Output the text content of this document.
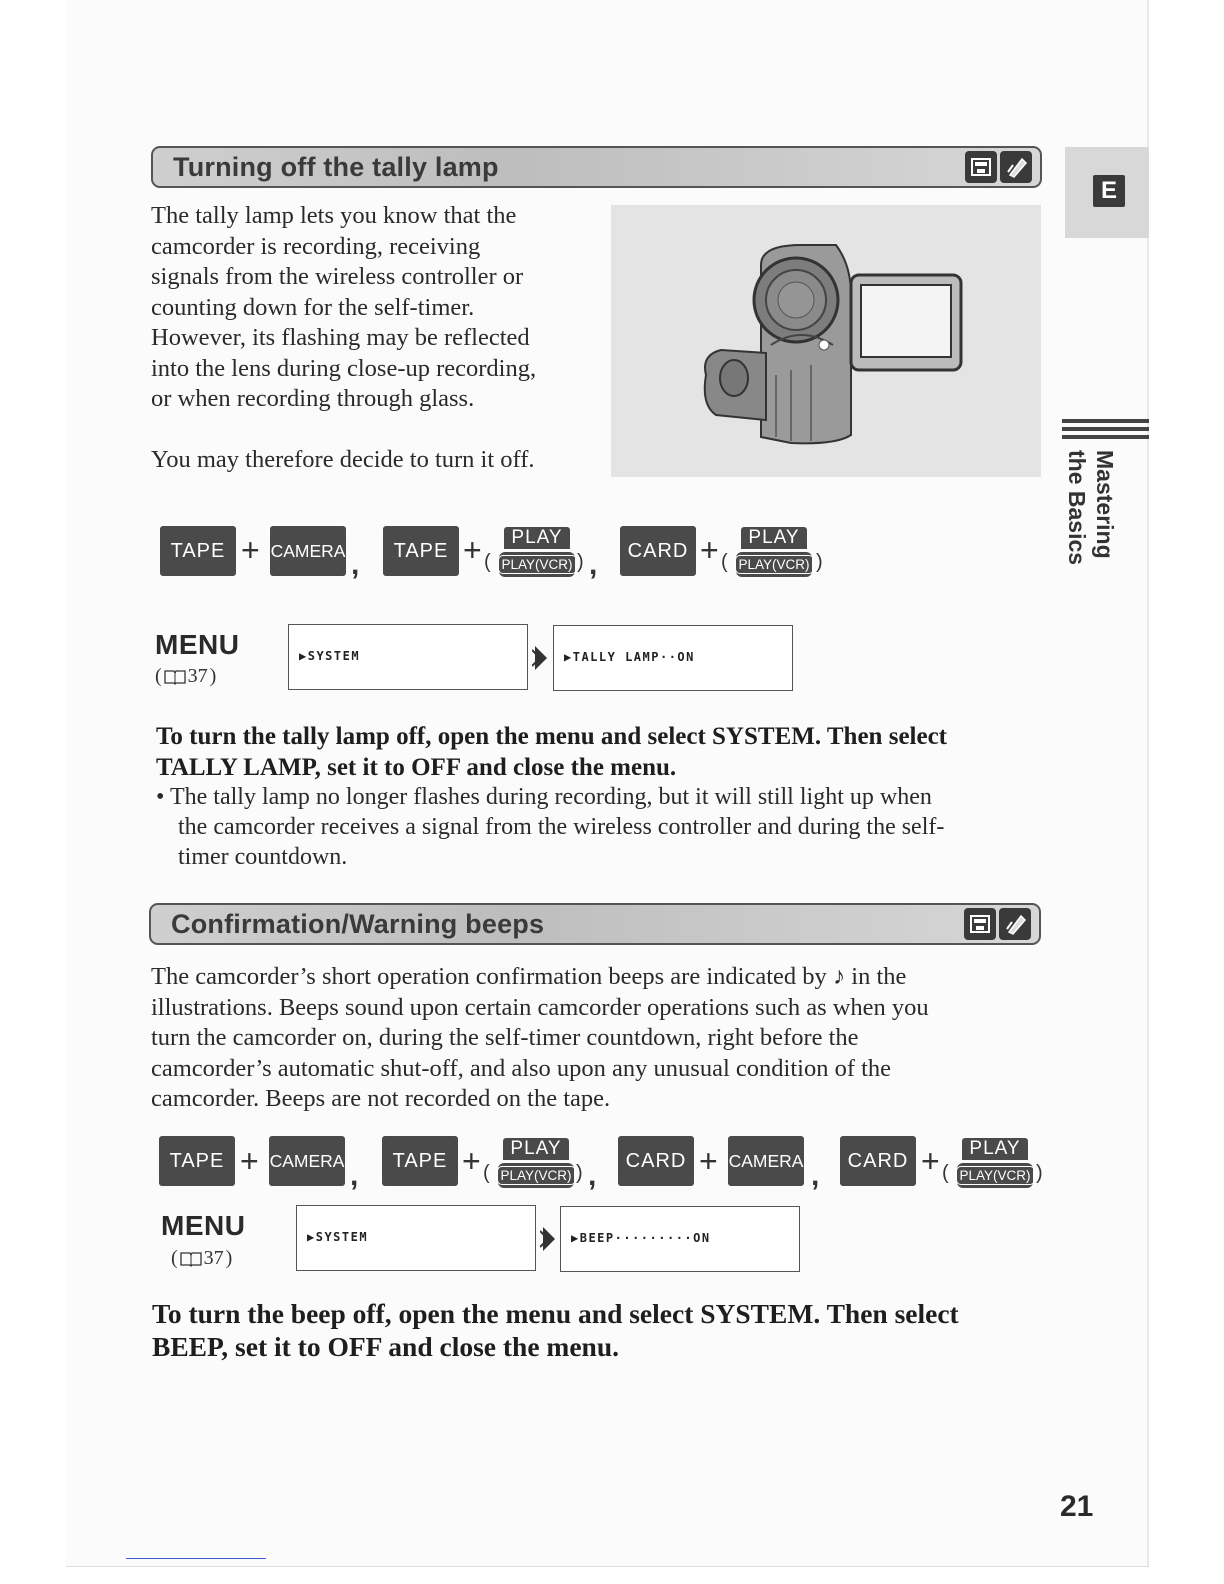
Turning off the tally lamp
The tally lamp lets you know that the
camcorder is recording, receiving
signals from the wireless controller or
counting down for the self-timer.
However, its flashing may be reflected
into the lens during close-up recording,
or when recording through glass.
You may therefore decide to turn it off.
TAPE + CAMERA ,	TAPE + (
PLAY
PLAY(VCR) ) ,	CARD + (
PLAY
PLAY(VCR) )
MENU
( 37 )
▶SYSTEM	▶TALLY LAMP··ON
To turn the tally lamp off, open the menu and select SYSTEM. Then select
TALLY LAMP, set it to OFF and close the menu.
• The tally lamp no longer flashes during recording, but it will still light up when
the camcorder receives a signal from the wireless controller and during the self-
timer countdown.
Confirmation/Warning beeps
The camcorder’s short operation confirmation beeps are indicated by ♪ in the
illustrations. Beeps sound upon certain camcorder operations such as when you
turn the camcorder on, during the self-timer countdown, right before the
camcorder’s automatic shut-off, and also upon any unusual condition of the
camcorder. Beeps are not recorded on the tape.
TAPE + CAMERA ,	TAPE + (
PLAY
PLAY(VCR) ) ,	CARD + CAMERA ,	CARD + (
PLAY
PLAY(VCR) )
MENU
( 37 )
▶SYSTEM	▶BEEP·········ON
To turn the beep off, open the menu and select SYSTEM. Then select
BEEP, set it to OFF and close the menu.
E
Mastering the Basics
21
